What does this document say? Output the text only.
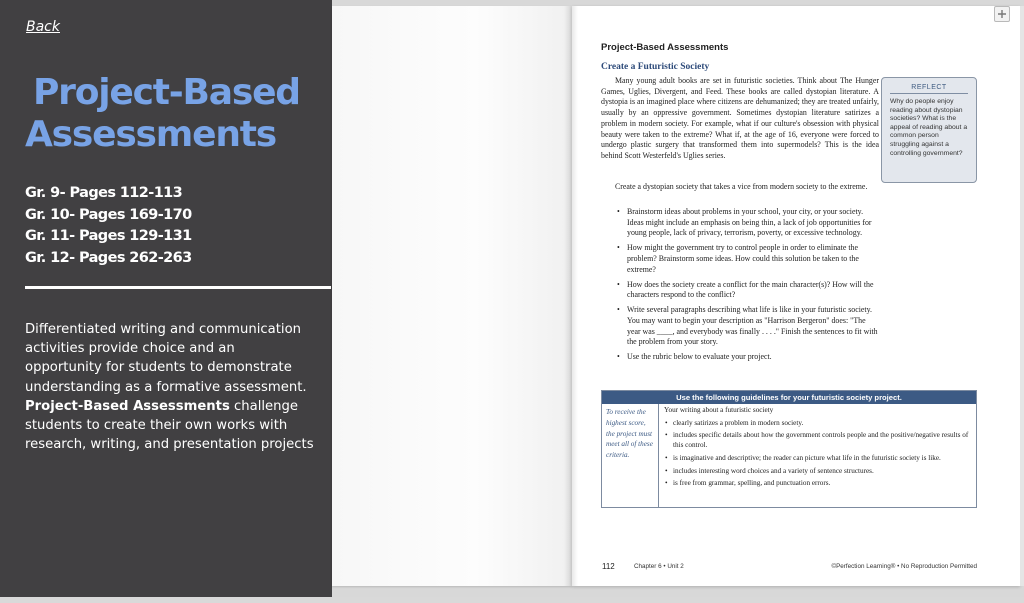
Back
Project-Based
Assessments
Gr. 9- Pages 112-113
Gr. 10- Pages 169-170
Gr. 11- Pages 129-131
Gr. 12- Pages 262-263

Differentiated writing and communication activities provide choice and an opportunity for students to demonstrate understanding as a formative assessment. Project-Based Assessments challenge students to create their own works with research, writing, and presentation projects

Project-Based Assessments
Create a Futuristic Society

Many young adult books are set in futuristic societies. Think about The Hunger Games, Uglies, Divergent, and Feed. These books are called dystopian literature. A dystopia is an imagined place where citizens are dehumanized; they are treated unfairly, usually by an oppressive government. Sometimes dystopian literature satirizes a problem in modern society. For example, what if our culture's obsession with physical beauty were taken to the extreme? What if, at the age of 16, everyone were forced to undergo plastic surgery that transformed them into supermodels? This is the idea behind Scott Westerfeld's Uglies series.

Create a dystopian society that takes a vice from modern society to the extreme.

• Brainstorm ideas about problems in your school, your city, or your society. Ideas might include an emphasis on being thin, a lack of job opportunities for young people, lack of privacy, terrorism, poverty, or excessive technology.
• How might the government try to control people in order to eliminate the problem? Brainstorm some ideas. How could this solution be taken to the extreme?
• How does the society create a conflict for the main character(s)? How will the characters respond to the conflict?
• Write several paragraphs describing what life is like in your futuristic society. You may want to begin your description as "Harrison Bergeron" does: "The year was ____, and everybody was finally . . . ." Finish the sentences to fit with the problem from your story.
• Use the rubric below to evaluate your project.
REFLECT
Why do people enjoy reading about dystopian societies? What is the appeal of reading about a common person struggling against a controlling government?
Use the following guidelines for your futuristic society project.
To receive the highest score, the project must meet all of these criteria.
Your writing about a futuristic society
• clearly satirizes a problem in modern society.
• includes specific details about how the government controls people and the positive/negative results of this control.
• is imaginative and descriptive; the reader can picture what life in the futuristic society is like.
• includes interesting word choices and a variety of sentence structures.
• is free from grammar, spelling, and punctuation errors.
112	Chapter 6 • Unit 2	©Perfection Learning® • No Reproduction Permitted
